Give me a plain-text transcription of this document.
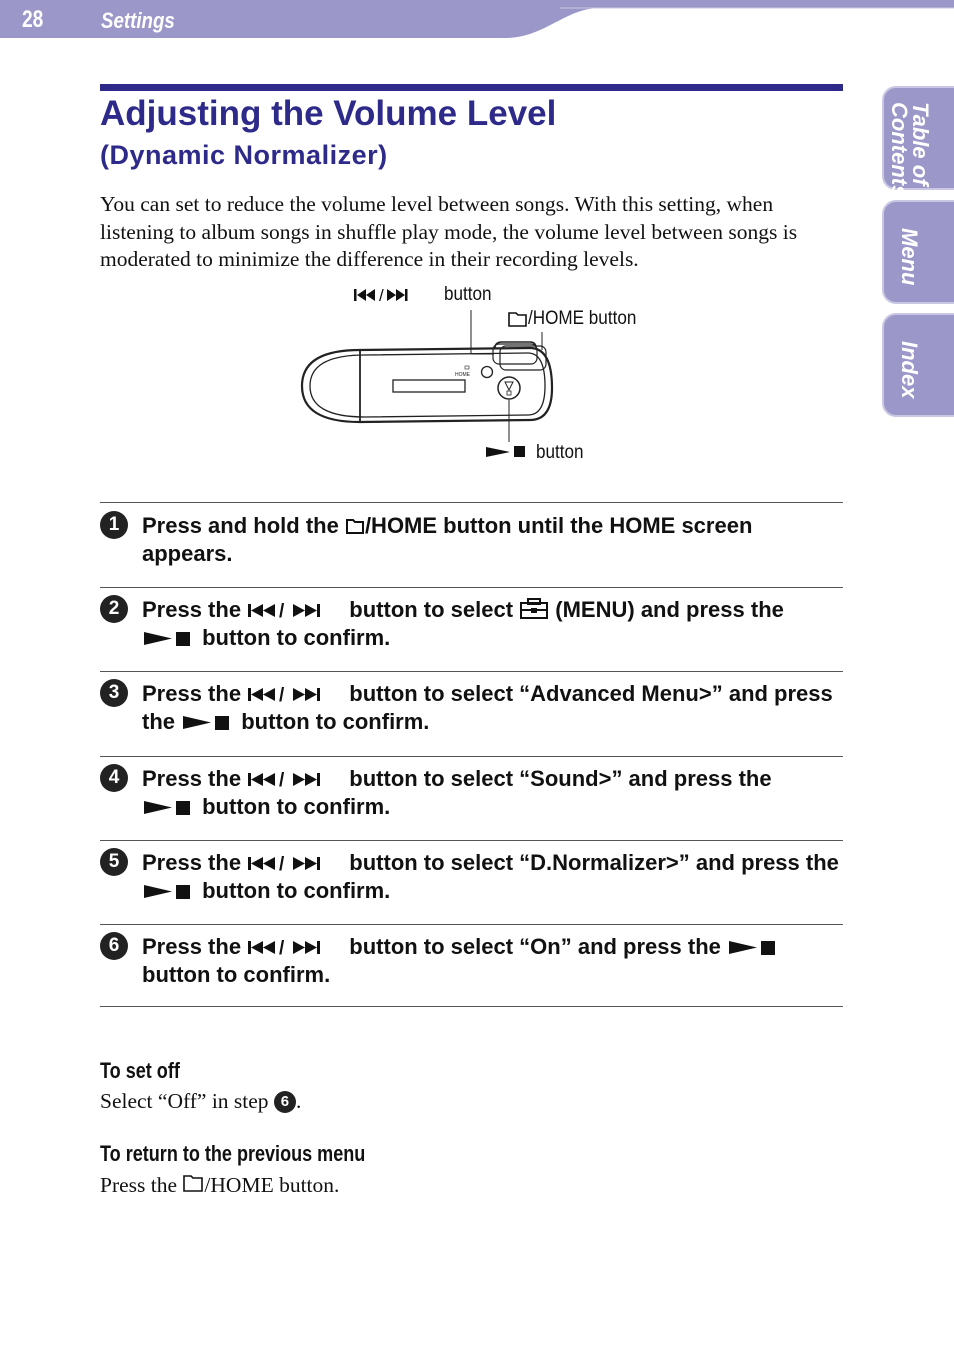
28	Settings
Table of Contents
Menu
Index
Adjusting the Volume Level
(Dynamic Normalizer)

You can set to reduce the volume level between songs. With this setting, when listening to album songs in shuffle play mode, the volume level between songs is moderated to minimize the difference in their recording levels.

HOME
/	button
/HOME button
button
1	Press and hold the /HOME button until the HOME screen appears.
2	Press the /	button to select  (MENU) and press the
button to confirm.
3	Press the /	button to select “Advanced Menu>” and press the  button to confirm.
4	Press the /	button to select “Sound>” and press the
button to confirm.
5	Press the /	button to select “D.Normalizer>” and press the  button to confirm.
6	Press the /	button to select “On” and press the  button to confirm.
To set off
Select “Off” in step 6 .
To return to the previous menu
Press the /HOME button.
